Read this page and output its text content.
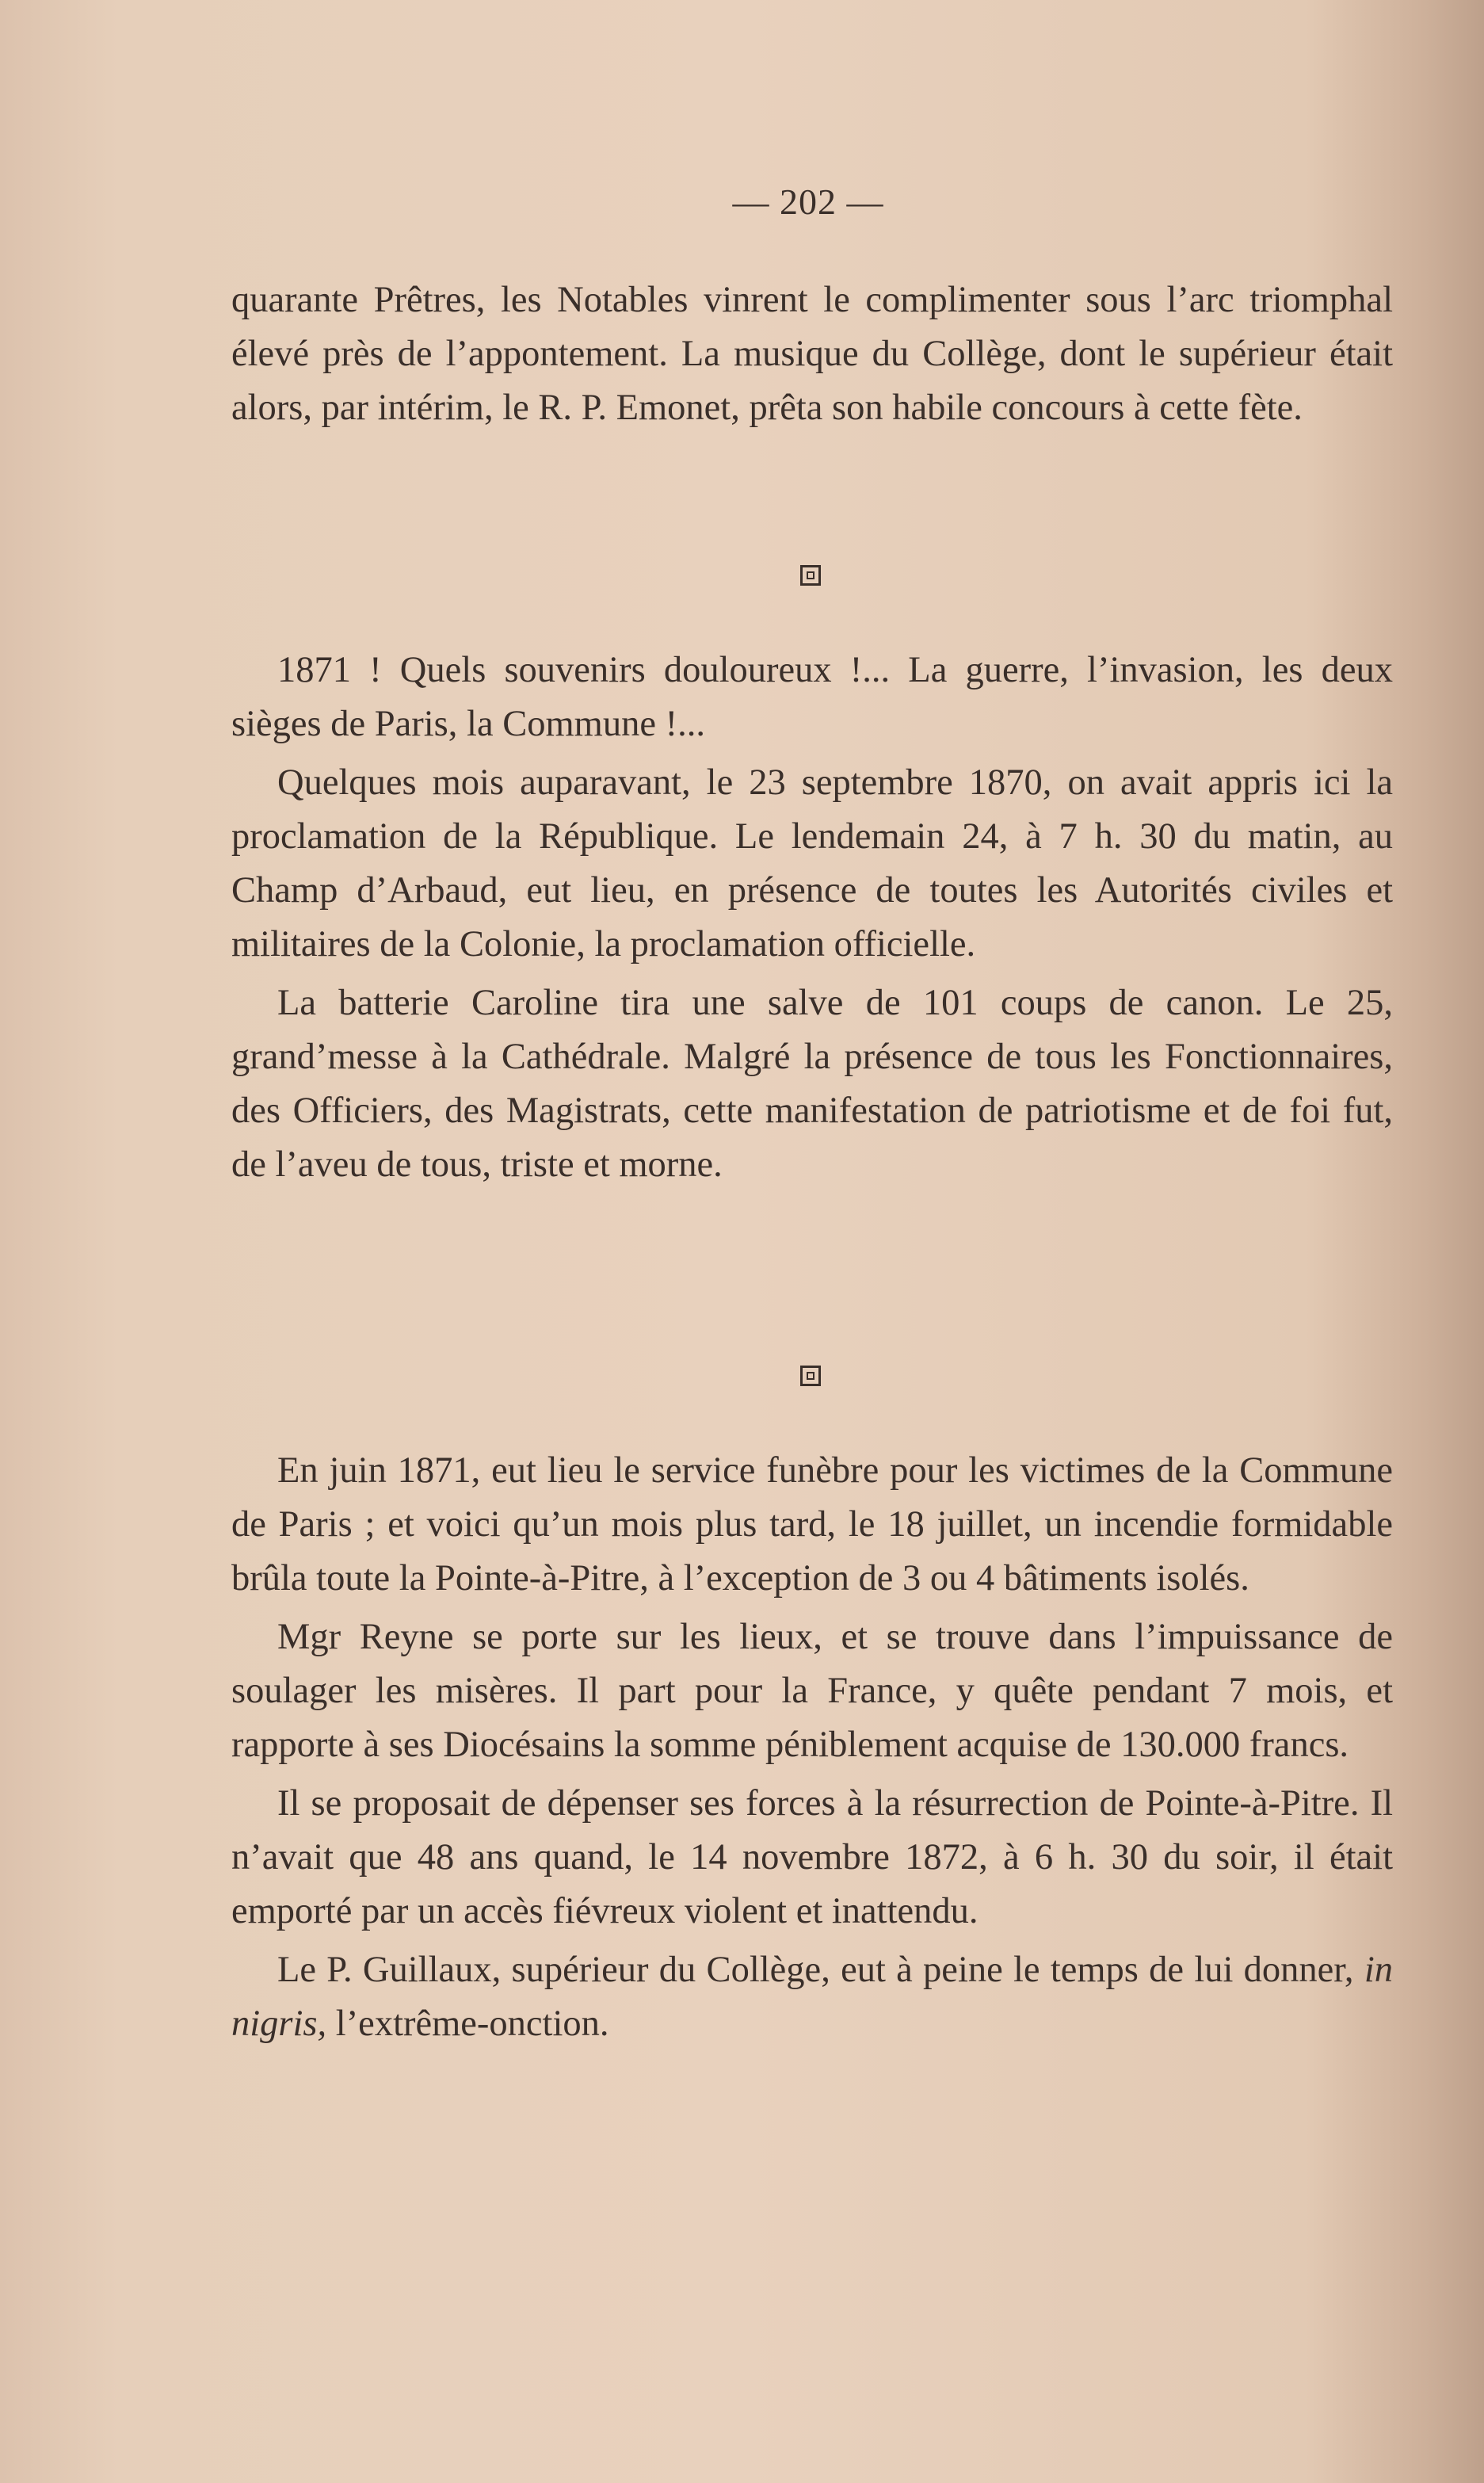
— 202 —

quarante Prêtres, les Notables vinrent le complimenter sous l’arc triomphal élevé près de l’appontement. La musique du Collège, dont le supérieur était alors, par intérim, le R. P. Emonet, prêta son habile concours à cette fète.

1871 ! Quels souvenirs douloureux !... La guerre, l’invasion, les deux sièges de Paris, la Commune !...

Quelques mois auparavant, le 23 septembre 1870, on avait appris ici la proclamation de la République. Le lendemain 24, à 7 h. 30 du matin, au Champ d’Arbaud, eut lieu, en présence de toutes les Autorités civiles et militaires de la Colonie, la proclamation officielle.

La batterie Caroline tira une salve de 101 coups de canon. Le 25, grand’messe à la Cathédrale. Malgré la présence de tous les Fonctionnaires, des Officiers, des Magistrats, cette manifestation de patriotisme et de foi fut, de l’aveu de tous, triste et morne.

En juin 1871, eut lieu le service funèbre pour les victimes de la Commune de Paris ; et voici qu’un mois plus tard, le 18 juillet, un incendie formidable brûla toute la Pointe-à-Pitre, à l’exception de 3 ou 4 bâtiments isolés.

Mgr Reyne se porte sur les lieux, et se trouve dans l’impuissance de soulager les misères. Il part pour la France, y quête pendant 7 mois, et rapporte à ses Diocésains la somme péniblement acquise de 130.000 francs.

Il se proposait de dépenser ses forces à la résurrection de Pointe-à-Pitre. Il n’avait que 48 ans quand, le 14 novembre 1872, à 6 h. 30 du soir, il était emporté par un accès fiévreux violent et inattendu.

Le P. Guillaux, supérieur du Collège, eut à peine le temps de lui donner, in nigris, l’extrême-onction.
